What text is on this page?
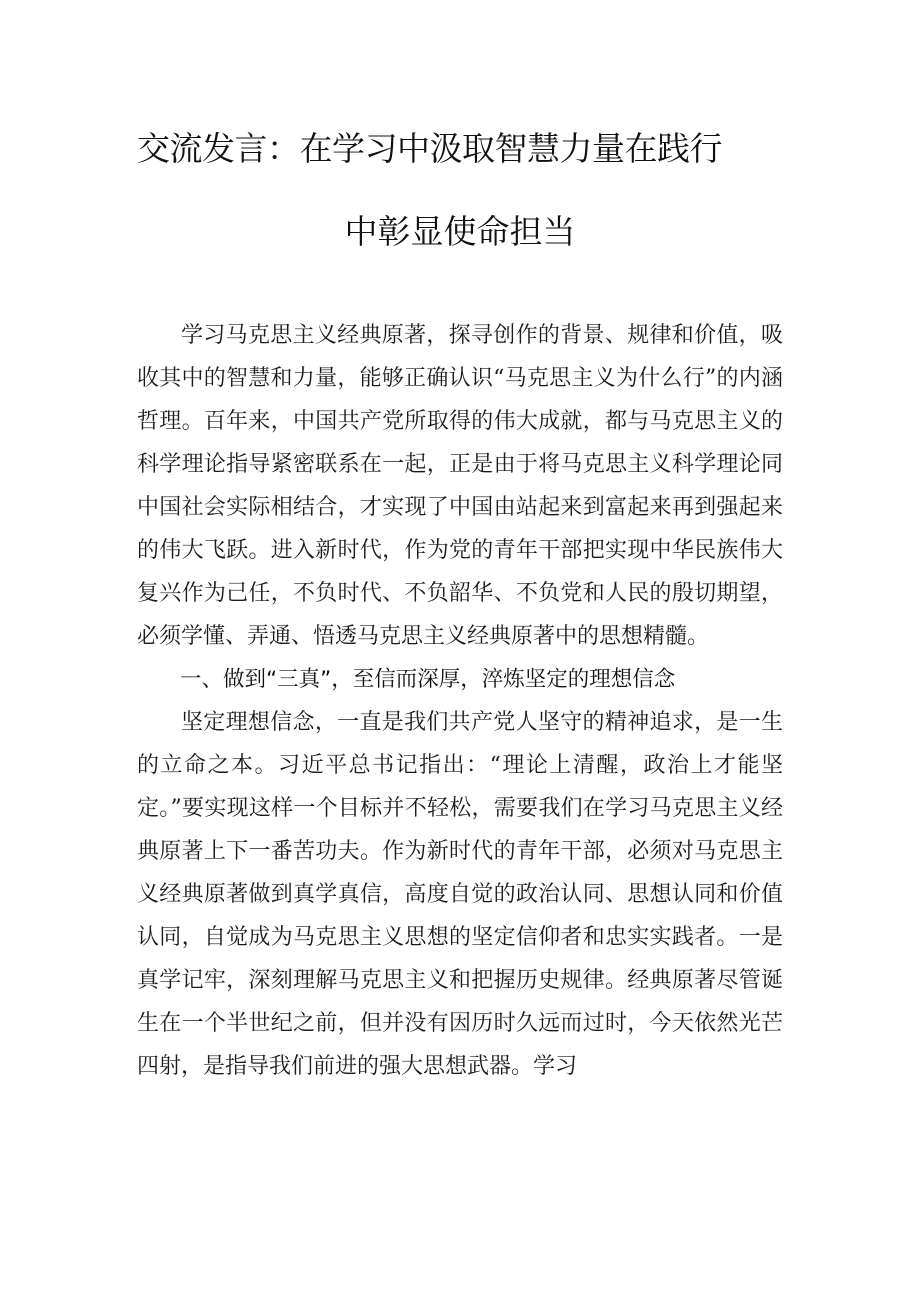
交流发言：在学习中汲取智慧力量在践行
中彰显使命担当

学习马克思主义经典原著，探寻创作的背景、规律和价值，吸收其中的智慧和力量，能够正确认识“马克思主义为什么行”的内涵哲理。百年来，中国共产党所取得的伟大成就，都与马克思主义的科学理论指导紧密联系在一起，正是由于将马克思主义科学理论同中国社会实际相结合，才实现了中国由站起来到富起来再到强起来的伟大飞跃。进入新时代，作为党的青年干部把实现中华民族伟大复兴作为己任，不负时代、不负韶华、不负党和人民的殷切期望，必须学懂、弄通、悟透马克思主义经典原著中的思想精髓。

一、做到“三真”，至信而深厚，淬炼坚定的理想信念

坚定理想信念，一直是我们共产党人坚守的精神追求，是一生的立命之本。习近平总书记指出：“理论上清醒，政治上才能坚定。”要实现这样一个目标并不轻松，需要我们在学习马克思主义经典原著上下一番苦功夫。作为新时代的青年干部，必须对马克思主义经典原著做到真学真信，高度自觉的政治认同、思想认同和价值认同，自觉成为马克思主义思想的坚定信仰者和忠实实践者。一是真学记牢，深刻理解马克思主义和把握历史规律。经典原著尽管诞生在一个半世纪之前，但并没有因历时久远而过时，今天依然光芒四射，是指导我们前进的强大思想武器。学习
